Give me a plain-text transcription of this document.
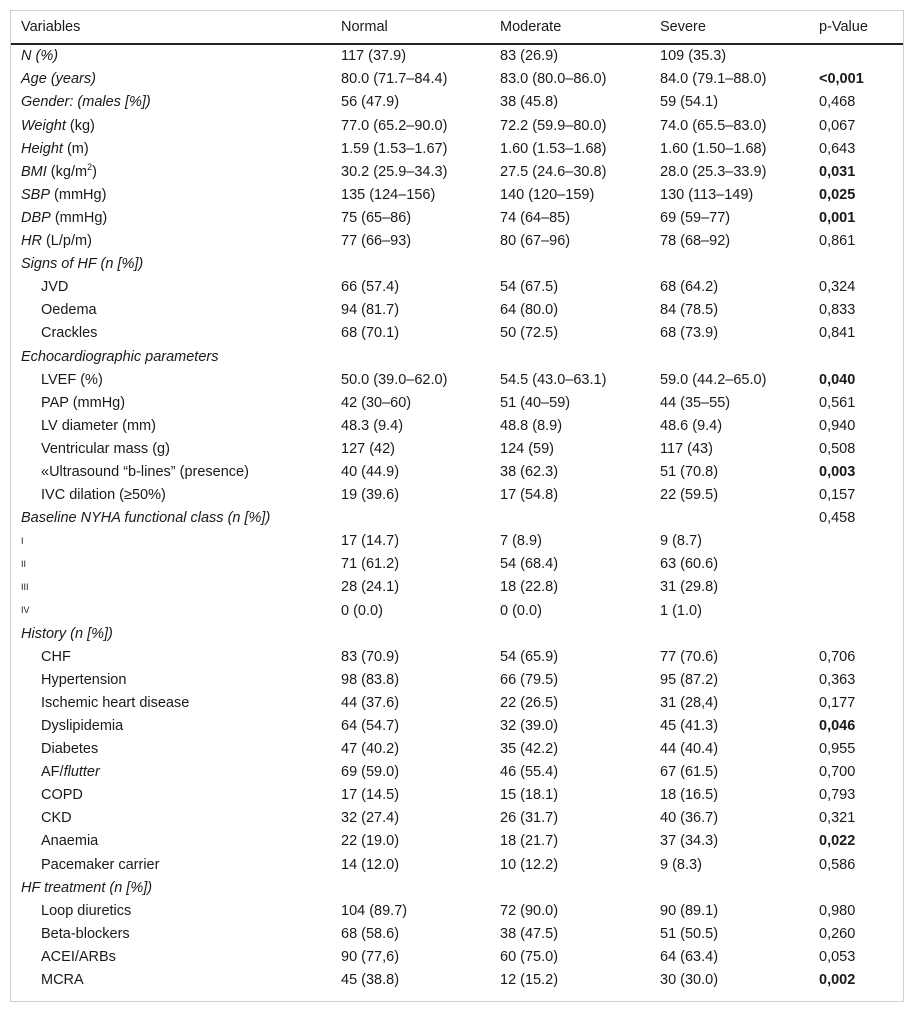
Variables	Normal	Moderate	Severe	p-Value
N (%)	117 (37.9)	83 (26.9)	109 (35.3)	
Age (years)	80.0 (71.7–84.4)	83.0 (80.0–86.0)	84.0 (79.1–88.0)	<0,001
Gender: (males [%])	56 (47.9)	38 (45.8)	59 (54.1)	0,468
Weight (kg)	77.0 (65.2–90.0)	72.2 (59.9–80.0)	74.0 (65.5–83.0)	0,067
Height (m)	1.59 (1.53–1.67)	1.60 (1.53–1.68)	1.60 (1.50–1.68)	0,643
BMI $(kg/m^2)$	30.2 (25.9–34.3)	27.5 (24.6–30.8)	28.0 (25.3–33.9)	0,031
SBP (mmHg)	135 (124–156)	140 (120–159)	130 (113–149)	0,025
DBP (mmHg)	75 (65–86)	74 (64–85)	69 (59–77)	0,001
HR (L/p/m)	77 (66–93)	80 (67–96)	78 (68–92)	0,861
Signs of HF (n [%])				
JVD	66 (57.4)	54 (67.5)	68 (64.2)	0,324
Oedema	94 (81.7)	64 (80.0)	84 (78.5)	0,833
Crackles	68 (70.1)	50 (72.5)	68 (73.9)	0,841
Echocardiographic parameters				
LVEF (%)	50.0 (39.0–62.0)	54.5 (43.0–63.1)	59.0 (44.2–65.0)	0,040
PAP (mmHg)	42 (30–60)	51 (40–59)	44 (35–55)	0,561
LV diameter (mm)	48.3 (9.4)	48.8 (8.9)	48.6 (9.4)	0,940
Ventricular mass (g)	127 (42)	124 (59)	117 (43)	0,508
«Ultrasound “b-lines” (presence)	40 (44.9)	38 (62.3)	51 (70.8)	0,003
IVC dilation (≥50%)	19 (39.6)	17 (54.8)	22 (59.5)	0,157
Baseline NYHA functional class (n [%])				0,458
I	17 (14.7)	7 (8.9)	9 (8.7)	
II	71 (61.2)	54 (68.4)	63 (60.6)	
III	28 (24.1)	18 (22.8)	31 (29.8)	
IV	0 (0.0)	0 (0.0)	1 (1.0)	
History (n [%])				
CHF	83 (70.9)	54 (65.9)	77 (70.6)	0,706
Hypertension	98 (83.8)	66 (79.5)	95 (87.2)	0,363
Ischemic heart disease	44 (37.6)	22 (26.5)	31 (28,4)	0,177
Dyslipidemia	64 (54.7)	32 (39.0)	45 (41.3)	0,046
Diabetes	47 (40.2)	35 (42.2)	44 (40.4)	0,955
AF/flutter	69 (59.0)	46 (55.4)	67 (61.5)	0,700
COPD	17 (14.5)	15 (18.1)	18 (16.5)	0,793
CKD	32 (27.4)	26 (31.7)	40 (36.7)	0,321
Anaemia	22 (19.0)	18 (21.7)	37 (34.3)	0,022
Pacemaker carrier	14 (12.0)	10 (12.2)	9 (8.3)	0,586
HF treatment (n [%])				
Loop diuretics	104 (89.7)	72 (90.0)	90 (89.1)	0,980
Beta-blockers	68 (58.6)	38 (47.5)	51 (50.5)	0,260
ACEI/ARBs	90 (77,6)	60 (75.0)	64 (63.4)	0,053
MCRA	45 (38.8)	12 (15.2)	30 (30.0)	0,002
